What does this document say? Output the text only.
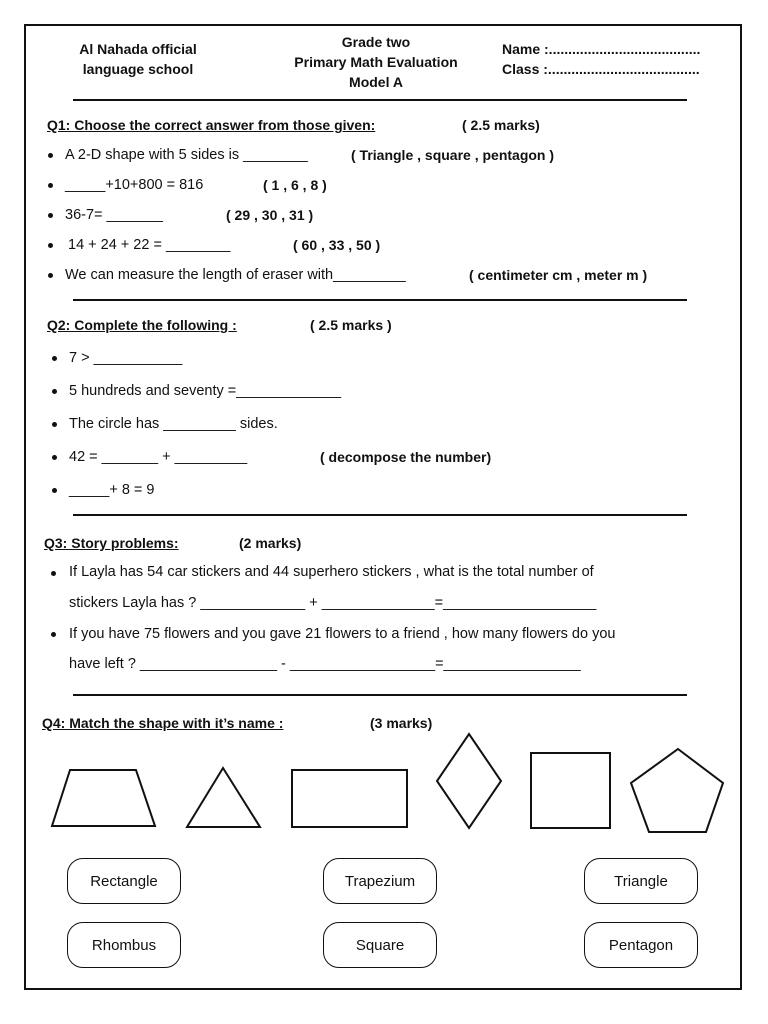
Al Nahada official
language school
Grade two
Primary Math Evaluation
Model A
Name :.......................................
Class :.......................................
Q1: Choose the correct answer from those given:	( 2.5 marks)
A 2-D shape with 5 sides is ________	( Triangle , square , pentagon )
_____+10+800 = 816	( 1 , 6 , 8 )
36-7= _______	( 29 , 30 , 31 )
14 + 24 + 22 = ________	( 60 , 33 , 50 )
We can measure the length of eraser with_________	( centimeter cm , meter m )
Q2: Complete the following :	( 2.5 marks )
7 > ___________
5 hundreds and seventy =_____________
The circle has _________ sides.
42 = _______ + _________	( decompose the number)
_____+ 8 = 9
Q3: Story problems:	(2 marks)
If Layla has 54 car stickers and 44 superhero stickers , what is the total number of
stickers Layla has ? _____________ + ______________=___________________
If you have 75 flowers and you gave 21 flowers to a friend , how many flowers do you
have left ? _________________ - __________________=_________________
Q4: Match the shape with it’s name :	(3 marks)
Rectangle	Trapezium	Triangle
Rhombus	Square	Pentagon
